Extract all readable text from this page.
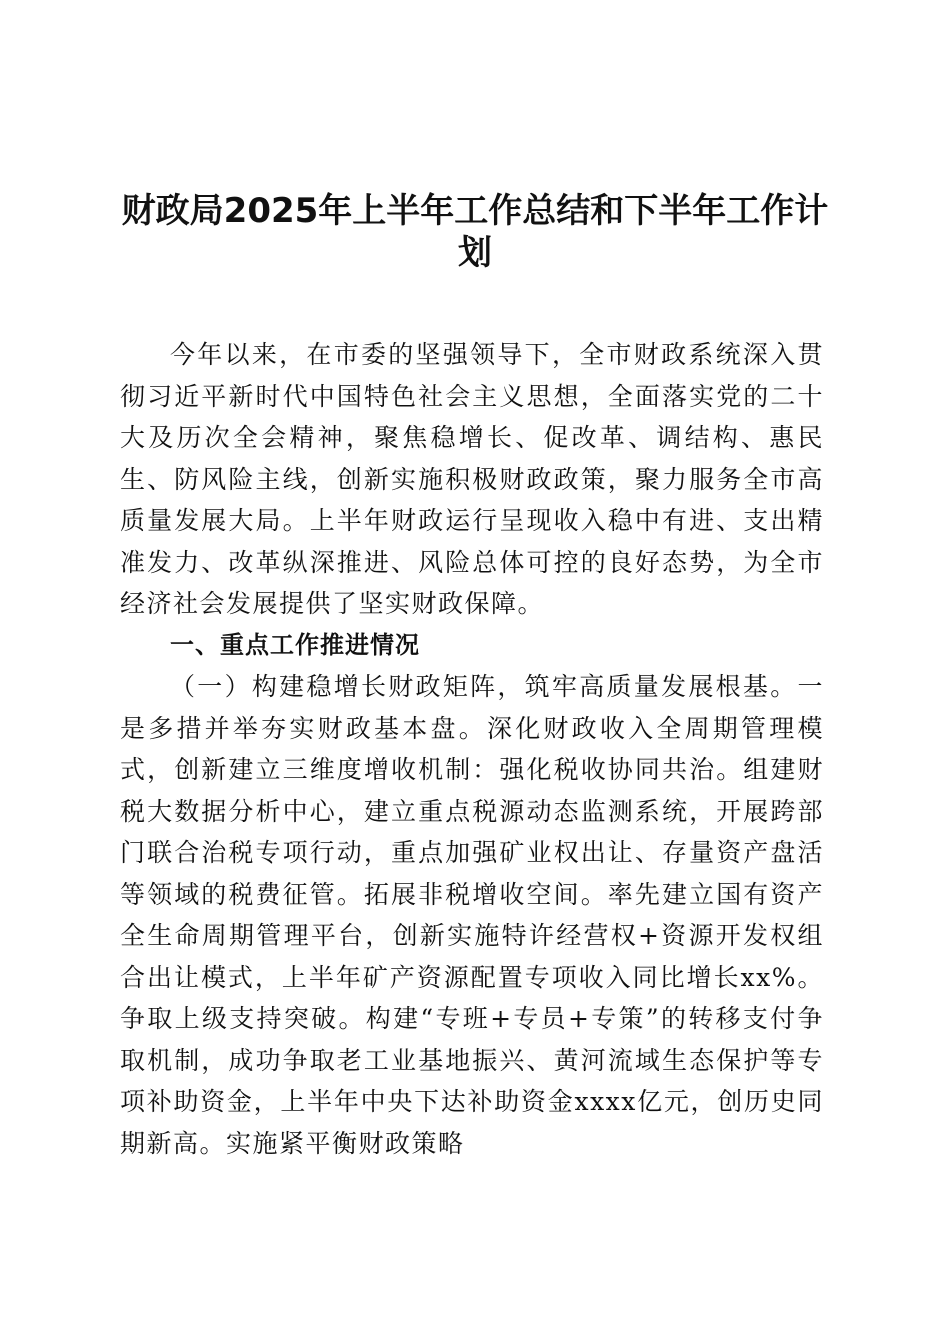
财政局2025年上半年工作总结和下半年工作计划

今年以来，在市委的坚强领导下，全市财政系统深入贯彻习近平新时代中国特色社会主义思想，全面落实党的二十大及历次全会精神，聚焦稳增长、促改革、调结构、惠民生、防风险主线，创新实施积极财政政策，聚力服务全市高质量发展大局。上半年财政运行呈现收入稳中有进、支出精准发力、改革纵深推进、风险总体可控的良好态势，为全市经济社会发展提供了坚实财政保障。

一、重点工作推进情况

（一）构建稳增长财政矩阵，筑牢高质量发展根基。一是多措并举夯实财政基本盘。深化财政收入全周期管理模式，创新建立三维度增收机制：强化税收协同共治。组建财税大数据分析中心，建立重点税源动态监测系统，开展跨部门联合治税专项行动，重点加强矿业权出让、存量资产盘活等领域的税费征管。拓展非税增收空间。率先建立国有资产全生命周期管理平台，创新实施特许经营权+资源开发权组合出让模式，上半年矿产资源配置专项收入同比增长xx%。争取上级支持突破。构建“专班+专员+专策”的转移支付争取机制，成功争取老工业基地振兴、黄河流域生态保护等专项补助资金，上半年中央下达补助资金xxxx亿元，创历史同期新高。实施紧平衡财政策略
